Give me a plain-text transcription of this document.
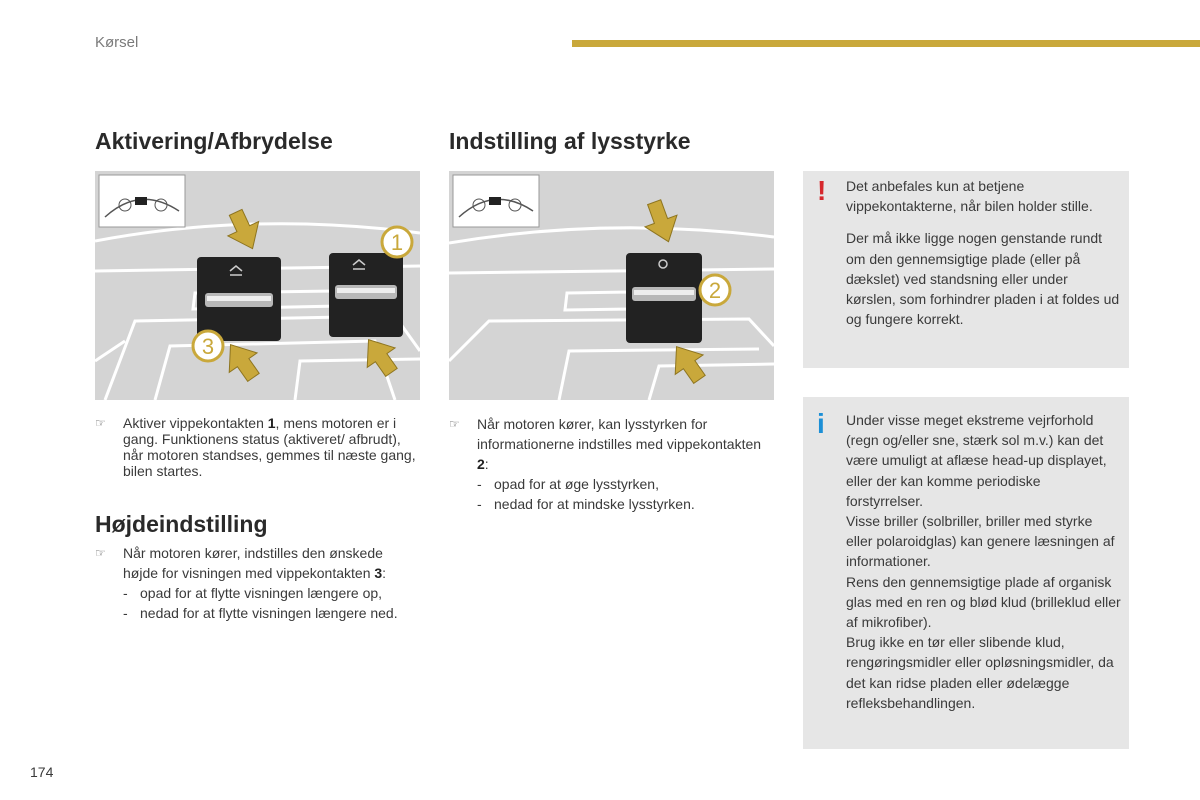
Kørsel
Aktivering/Afbrydelse
1
3
☞ Aktiver vippekontakten 1, mens motoren er i gang. Funktionens status (aktiveret/ afbrudt), når motoren standses, gemmes til næste gang, bilen startes.
Højdeindstilling
☞ Når motoren kører, indstilles den ønskede højde for visningen med vippekontakten 3:
- opad for at flytte visningen længere op,
- nedad for at flytte visningen længere ned.
Indstilling af lysstyrke
2
☞ Når motoren kører, kan lysstyrken for informationerne indstilles med vippekontakten 2:
- opad for at øge lysstyrken,
- nedad for at mindske lysstyrken.
! Det anbefales kun at betjene vippekontakterne, når bilen holder stille.

Der må ikke ligge nogen genstande rundt om den gennemsigtige plade (eller på dækslet) ved standsning eller under kørslen, som forhindrer pladen i at foldes ud og fungere korrekt.

i Under visse meget ekstreme vejrforhold (regn og/eller sne, stærk sol m.v.) kan det være umuligt at aflæse head-up displayet, eller der kan komme periodiske forstyrrelser.

Visse briller (solbriller, briller med styrke eller polaroidglas) kan genere læsningen af informationer.

Rens den gennemsigtige plade af organisk glas med en ren og blød klud (brilleklud eller af mikrofiber).

Brug ikke en tør eller slibende klud, rengøringsmidler eller opløsningsmidler, da det kan ridse pladen eller ødelægge refleksbehandlingen.

174
